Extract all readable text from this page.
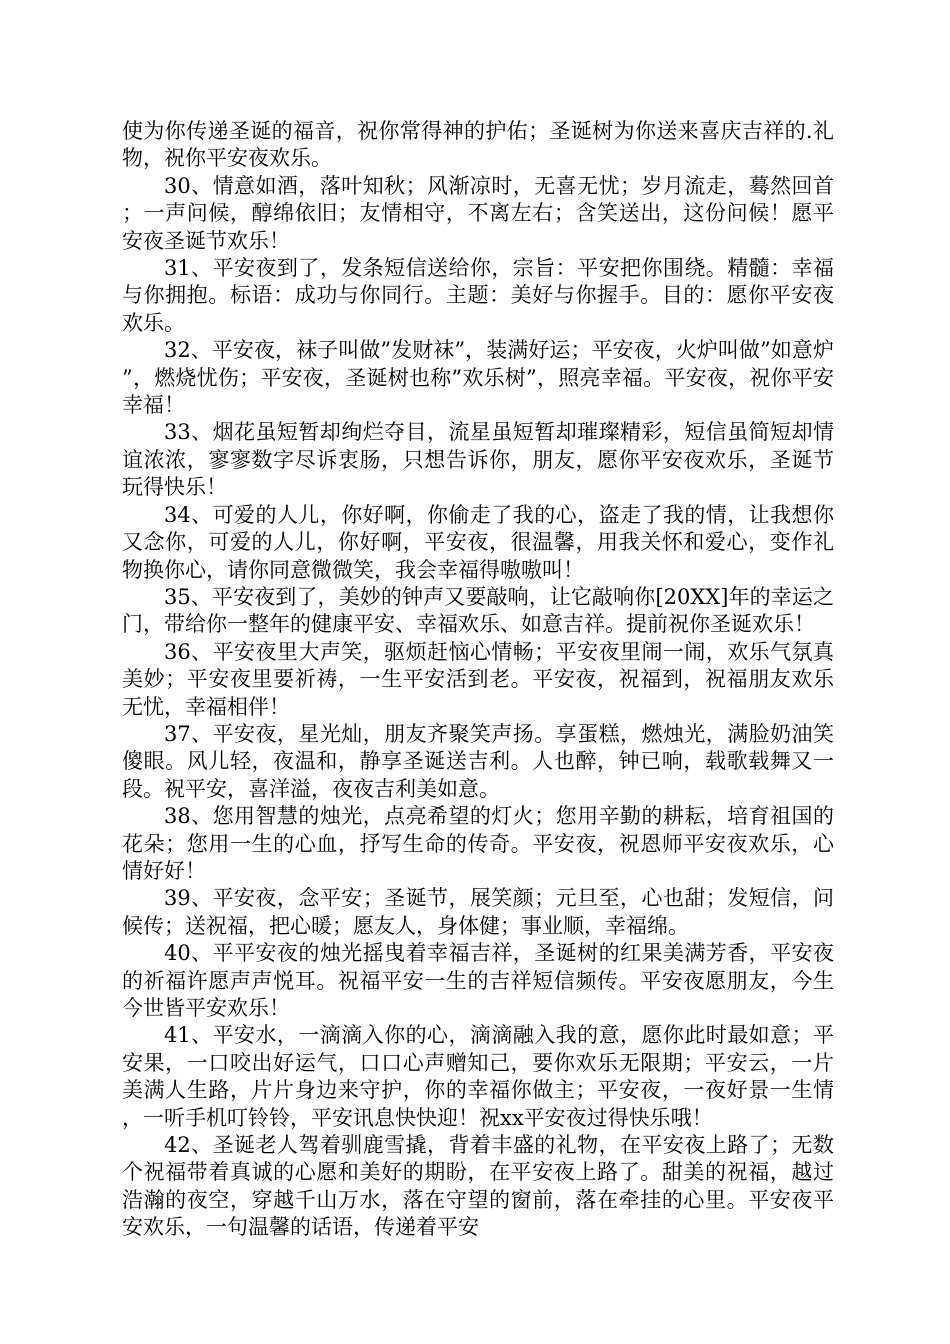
使为你传递圣诞的福音，祝你常得神的护佑；圣诞树为你送来喜庆吉祥的.礼物，祝你平安夜欢乐。

30、情意如酒，落叶知秋；风渐凉时，无喜无忧；岁月流走，蓦然回首；一声问候，醇绵依旧；友情相守，不离左右；含笑送出，这份问候！愿平安夜圣诞节欢乐！

31、平安夜到了，发条短信送给你，宗旨：平安把你围绕。精髓：幸福与你拥抱。标语：成功与你同行。主题：美好与你握手。目的：愿你平安夜欢乐。

32、平安夜，袜子叫做”发财袜”，装满好运；平安夜，火炉叫做”如意炉”，燃烧忧伤；平安夜，圣诞树也称”欢乐树”，照亮幸福。平安夜，祝你平安幸福！

33、烟花虽短暂却绚烂夺目，流星虽短暂却璀璨精彩，短信虽简短却情谊浓浓，寥寥数字尽诉衷肠，只想告诉你，朋友，愿你平安夜欢乐，圣诞节玩得快乐！

34、可爱的人儿，你好啊，你偷走了我的心，盗走了我的情，让我想你又念你，可爱的人儿，你好啊，平安夜，很温馨，用我关怀和爱心，变作礼物换你心，请你同意微微笑，我会幸福得嗷嗷叫！

35、平安夜到了，美妙的钟声又要敲响，让它敲响你[20XX]年的幸运之门，带给你一整年的健康平安、幸福欢乐、如意吉祥。提前祝你圣诞欢乐！

36、平安夜里大声笑，驱烦赶恼心情畅；平安夜里闹一闹，欢乐气氛真美妙；平安夜里要祈祷，一生平安活到老。平安夜，祝福到，祝福朋友欢乐无忧，幸福相伴！

37、平安夜，星光灿，朋友齐聚笑声扬。享蛋糕，燃烛光，满脸奶油笑傻眼。风儿轻，夜温和，静享圣诞送吉利。人也醉，钟已响，载歌载舞又一段。祝平安，喜洋溢，夜夜吉利美如意。

38、您用智慧的烛光，点亮希望的灯火；您用辛勤的耕耘，培育祖国的花朵；您用一生的心血，抒写生命的传奇。平安夜，祝恩师平安夜欢乐，心情好好！

39、平安夜，念平安；圣诞节，展笑颜；元旦至，心也甜；发短信，问候传；送祝福，把心暖；愿友人，身体健；事业顺，幸福绵。

40、平平安夜的烛光摇曳着幸福吉祥，圣诞树的红果美满芳香，平安夜的祈福许愿声声悦耳。祝福平安一生的吉祥短信频传。平安夜愿朋友，今生今世皆平安欢乐！

41、平安水，一滴滴入你的心，滴滴融入我的意，愿你此时最如意；平安果，一口咬出好运气，口口心声赠知己，要你欢乐无限期；平安云，一片美满人生路，片片身边来守护，你的幸福你做主；平安夜，一夜好景一生情，一听手机叮铃铃，平安讯息快快迎！祝xx平安夜过得快乐哦！

42、圣诞老人驾着驯鹿雪撬，背着丰盛的礼物，在平安夜上路了；无数个祝福带着真诚的心愿和美好的期盼，在平安夜上路了。甜美的祝福，越过浩瀚的夜空，穿越千山万水，落在守望的窗前，落在牵挂的心里。平安夜平安欢乐，一句温馨的话语，传递着平安
